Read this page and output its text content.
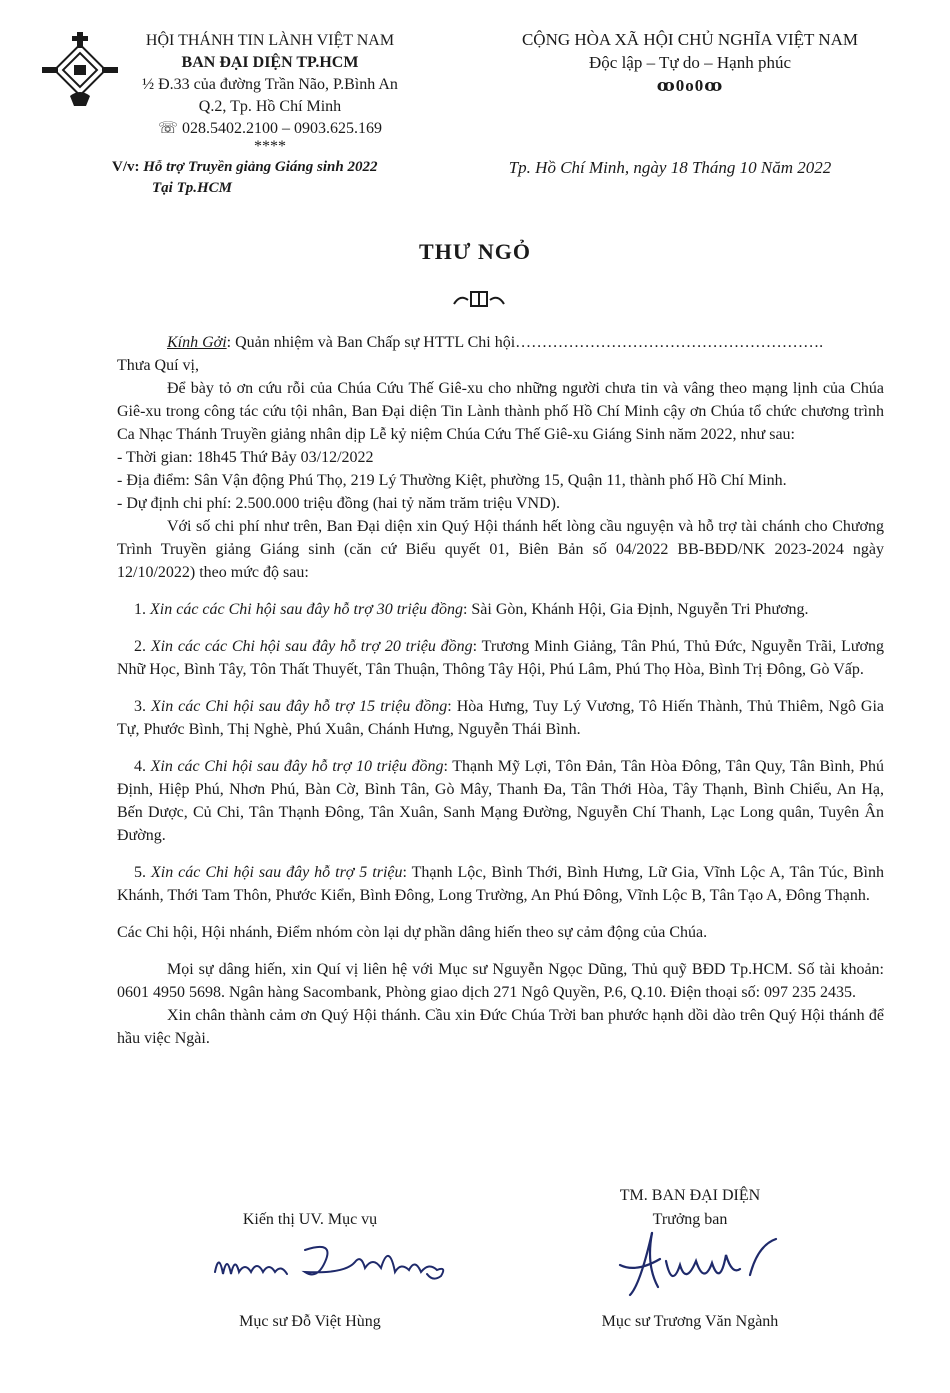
HỘI THÁNH TIN LÀNH VIỆT NAM
BAN ĐẠI DIỆN TP.HCM
½ Đ.33 của đường Trần Não, P.Bình An
Q.2, Tp. Hồ Chí Minh
☏ 028.5402.2100 – 0903.625.169
****
V/v: Hỗ trợ Truyền giảng Giáng sinh 2022
Tại Tp.HCM
CỘNG HÒA XÃ HỘI CHỦ NGHĨA VIỆT NAM
Độc lập – Tự do – Hạnh phúc
ꝏ0o0ꝏ
Tp. Hồ Chí Minh, ngày 18 Tháng 10 Năm 2022
THƯ NGỎ

Kính Gởi: Quản nhiệm và Ban Chấp sự HTTL Chi hội………………………………………………….

Thưa Quí vị,

Để bày tỏ ơn cứu rỗi của Chúa Cứu Thế Giê-xu cho những người chưa tin và vâng theo mạng lịnh của Chúa Giê-xu trong công tác cứu tội nhân, Ban Đại diện Tin Lành thành phố Hồ Chí Minh cậy ơn Chúa tổ chức chương trình Ca Nhạc Thánh Truyền giảng nhân dịp Lễ kỷ niệm Chúa Cứu Thế Giê-xu Giáng Sinh năm 2022, như sau:

- Thời gian: 18h45 Thứ Bảy 03/12/2022

- Địa điểm: Sân Vận động Phú Thọ, 219 Lý Thường Kiệt, phường 15, Quận 11, thành phố Hồ Chí Minh.

- Dự định chi phí: 2.500.000 triệu đồng (hai tỷ năm trăm triệu VND).

Với số chi phí như trên, Ban Đại diện xin Quý Hội thánh hết lòng cầu nguyện và hỗ trợ tài chánh cho Chương Trình Truyền giảng Giáng sinh (căn cứ Biểu quyết 01, Biên Bản số 04/2022 BB-BĐD/NK 2023-2024 ngày 12/10/2022) theo mức độ sau:

1. Xin các các Chi hội sau đây hỗ trợ 30 triệu đồng: Sài Gòn, Khánh Hội, Gia Định, Nguyễn Tri Phương.

2. Xin các các Chi hội sau đây hỗ trợ 20 triệu đồng: Trương Minh Giảng, Tân Phú, Thủ Đức, Nguyễn Trãi, Lương Nhữ Học, Bình Tây, Tôn Thất Thuyết, Tân Thuận, Thông Tây Hội, Phú Lâm, Phú Thọ Hòa, Bình Trị Đông, Gò Vấp.

3. Xin các Chi hội sau đây hỗ trợ 15 triệu đồng: Hòa Hưng, Tuy Lý Vương, Tô Hiến Thành, Thủ Thiêm, Ngô Gia Tự, Phước Bình, Thị Nghè, Phú Xuân, Chánh Hưng, Nguyễn Thái Bình.

4. Xin các Chi hội sau đây hỗ trợ 10 triệu đồng: Thạnh Mỹ Lợi, Tôn Đản, Tân Hòa Đông, Tân Quy, Tân Bình, Phú Định, Hiệp Phú, Nhơn Phú, Bàn Cờ, Bình Tân, Gò Mây, Thanh Đa, Tân Thới Hòa, Tây Thạnh, Bình Chiểu, An Hạ, Bến Dược, Củ Chi, Tân Thạnh Đông, Tân Xuân, Sanh Mạng Đường, Nguyễn Chí Thanh, Lạc Long quân, Tuyên Ân Đường.

5. Xin các Chi hội sau đây hỗ trợ 5 triệu: Thạnh Lộc, Bình Thới, Bình Hưng, Lữ Gia, Vĩnh Lộc A, Tân Túc, Bình Khánh, Thới Tam Thôn, Phước Kiển, Bình Đông, Long Trường, An Phú Đông, Vĩnh Lộc B, Tân Tạo A, Đông Thạnh.

Các Chi hội, Hội nhánh, Điểm nhóm còn lại dự phần dâng hiến theo sự cảm động của Chúa.

Mọi sự dâng hiến, xin Quí vị liên hệ với Mục sư Nguyễn Ngọc Dũng, Thủ quỹ BĐD Tp.HCM. Số tài khoản: 0601 4950 5698. Ngân hàng Sacombank, Phòng giao dịch 271 Ngô Quyền, P.6, Q.10. Điện thoại số: 097 235 2435.

Xin chân thành cảm ơn Quý Hội thánh. Cầu xin Đức Chúa Trời ban phước hạnh dồi dào trên Quý Hội thánh để hầu việc Ngài.

Kiến thị UV. Mục vụ
Mục sư Đỗ Việt Hùng
TM. BAN ĐẠI DIỆN
Trưởng ban
Mục sư Trương Văn Ngành
